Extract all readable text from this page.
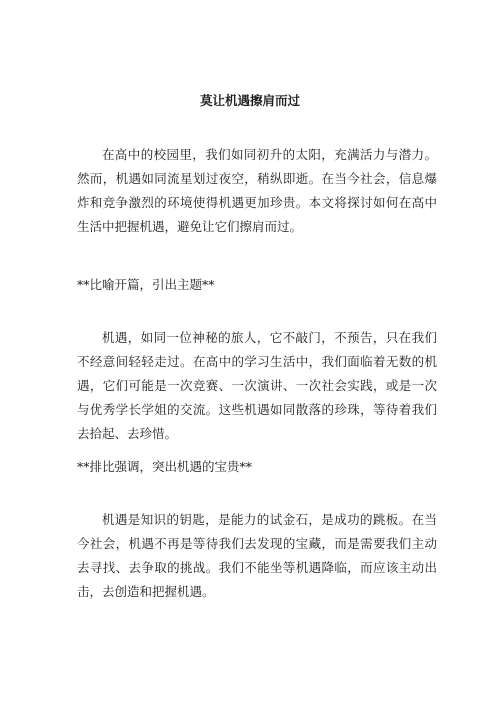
莫让机遇擦肩而过

在高中的校园里，我们如同初升的太阳，充满活力与潜力。然而，机遇如同流星划过夜空，稍纵即逝。在当今社会，信息爆炸和竞争激烈的环境使得机遇更加珍贵。本文将探讨如何在高中生活中把握机遇，避免让它们擦肩而过。

**比喻开篇，引出主题**

机遇，如同一位神秘的旅人，它不敲门，不预告，只在我们不经意间轻轻走过。在高中的学习生活中，我们面临着无数的机遇，它们可能是一次竞赛、一次演讲、一次社会实践，或是一次与优秀学长学姐的交流。这些机遇如同散落的珍珠，等待着我们去拾起、去珍惜。

**排比强调，突出机遇的宝贵**

机遇是知识的钥匙，是能力的试金石，是成功的跳板。在当今社会，机遇不再是等待我们去发现的宝藏，而是需要我们主动去寻找、去争取的挑战。我们不能坐等机遇降临，而应该主动出击，去创造和把握机遇。
